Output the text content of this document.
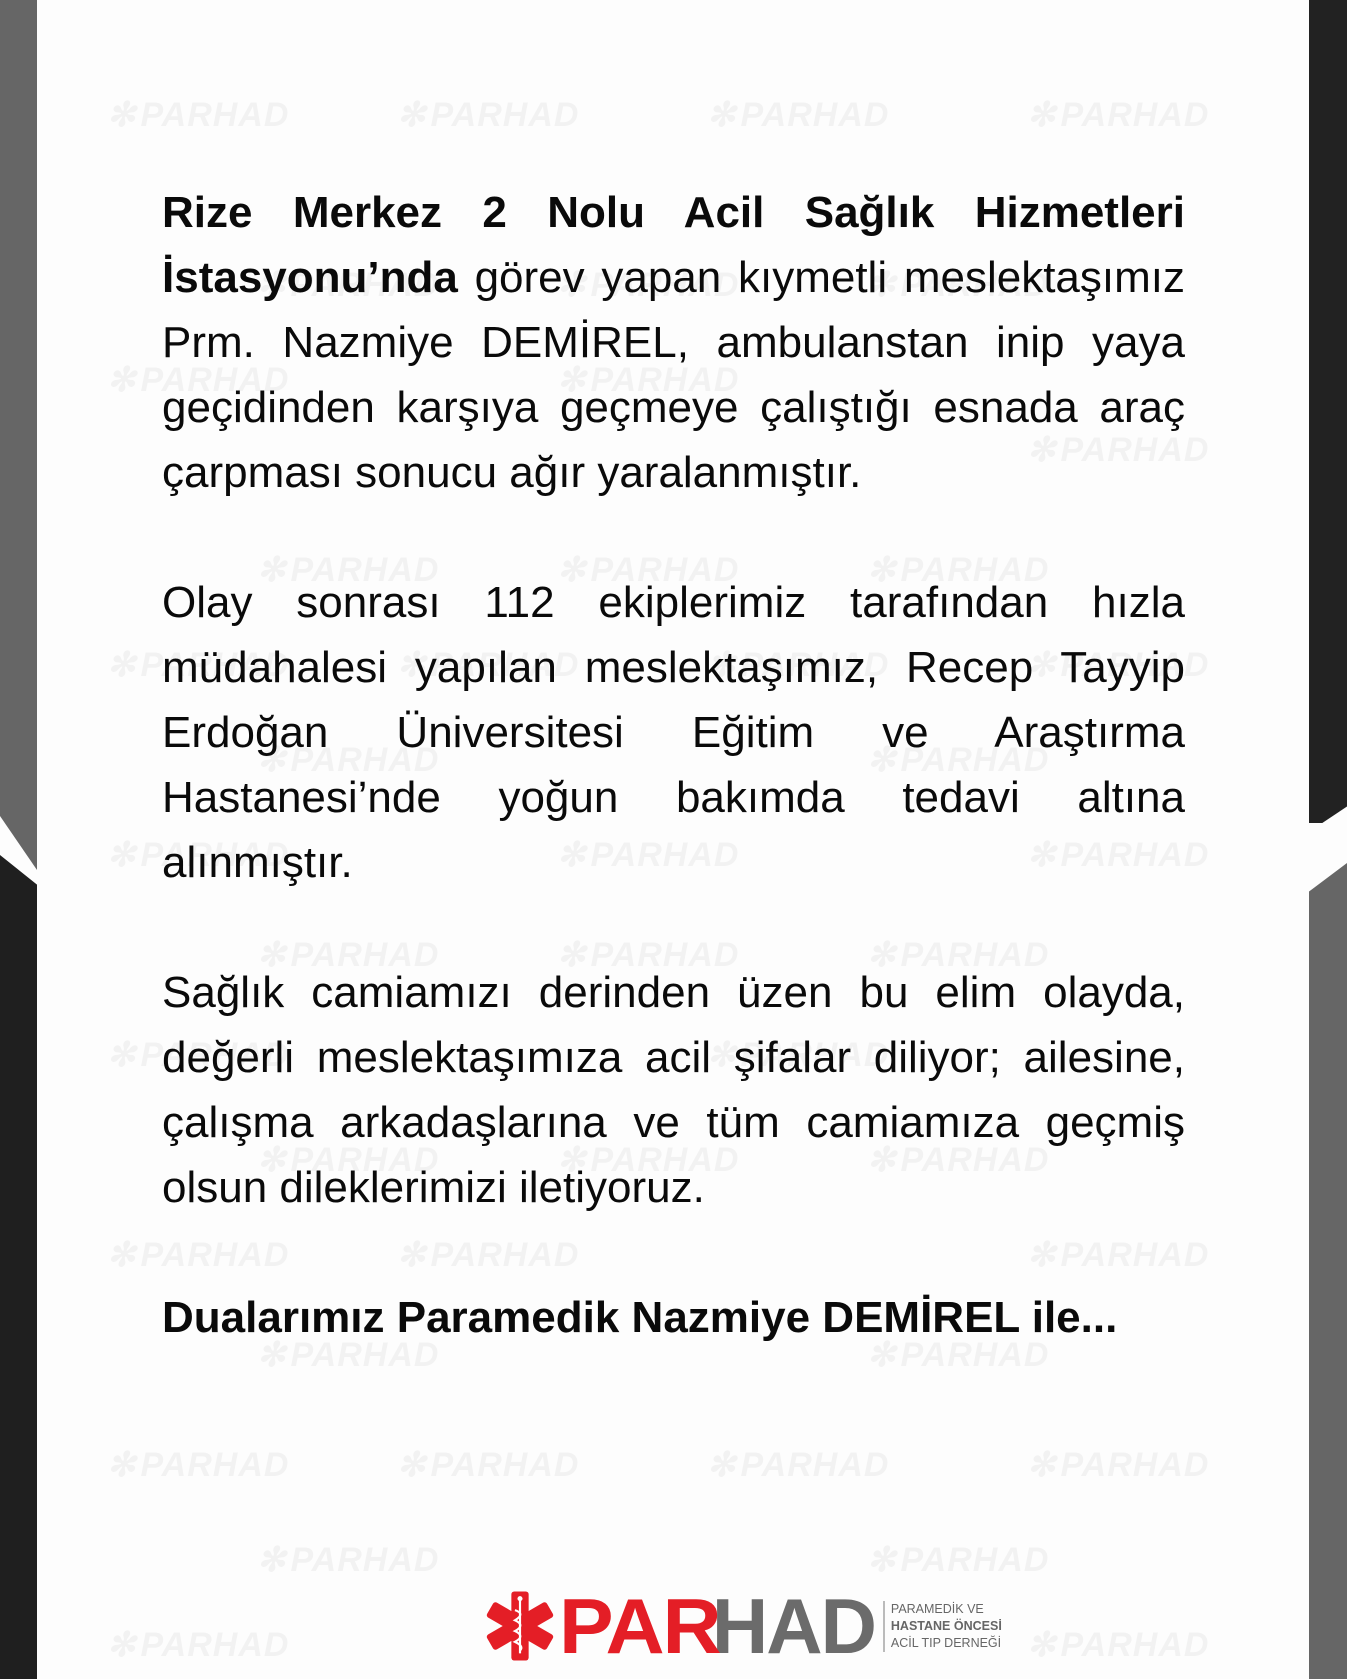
Rize Merkez 2 Nolu Acil Sağlık Hizmetleri İstasyonu’nda görev yapan kıymetli meslektaşımız Prm. Nazmiye DEMİREL, ambulanstan inip yaya geçidinden karşıya geçmeye çalıştığı esnada araç çarpması sonucu ağır yaralanmıştır.

Olay sonrası 112 ekiplerimiz tarafından hızla müdahalesi yapılan meslektaşımız, Recep Tayyip Erdoğan Üniversitesi Eğitim ve Araştırma Hastanesi’nde yoğun bakımda tedavi altına alınmıştır.

Sağlık camiamızı derinden üzen bu elim olayda, değerli meslektaşımıza acil şifalar diliyor; ailesine, çalışma arkadaşlarına ve tüm camiamıza geçmiş olsun dileklerimizi iletiyoruz.

Dualarımız Paramedik Nazmiye DEMİREL ile...

PAR
HAD PARAMEDİK VE
HASTANE ÖNCESİ
ACİL TIP DERNEĞİ
